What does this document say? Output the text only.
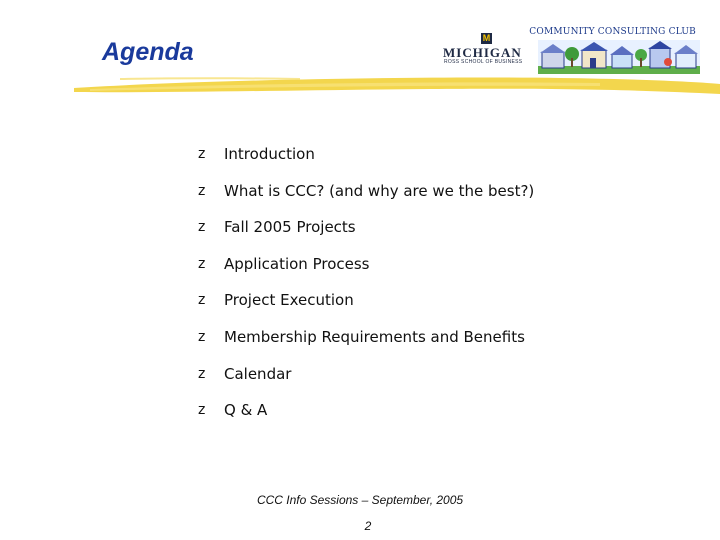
COMMUNITY CONSULTING CLUB
Agenda	M
MICHIGAN
ROSS SCHOOL OF BUSINESS
z	Introduction
z	What is CCC? (and why are we the best?)
z	Fall 2005 Projects
z	Application Process
z	Project Execution
z	Membership Requirements and Benefits
z	Calendar
z	Q & A
CCC Info Sessions – September, 2005
2
